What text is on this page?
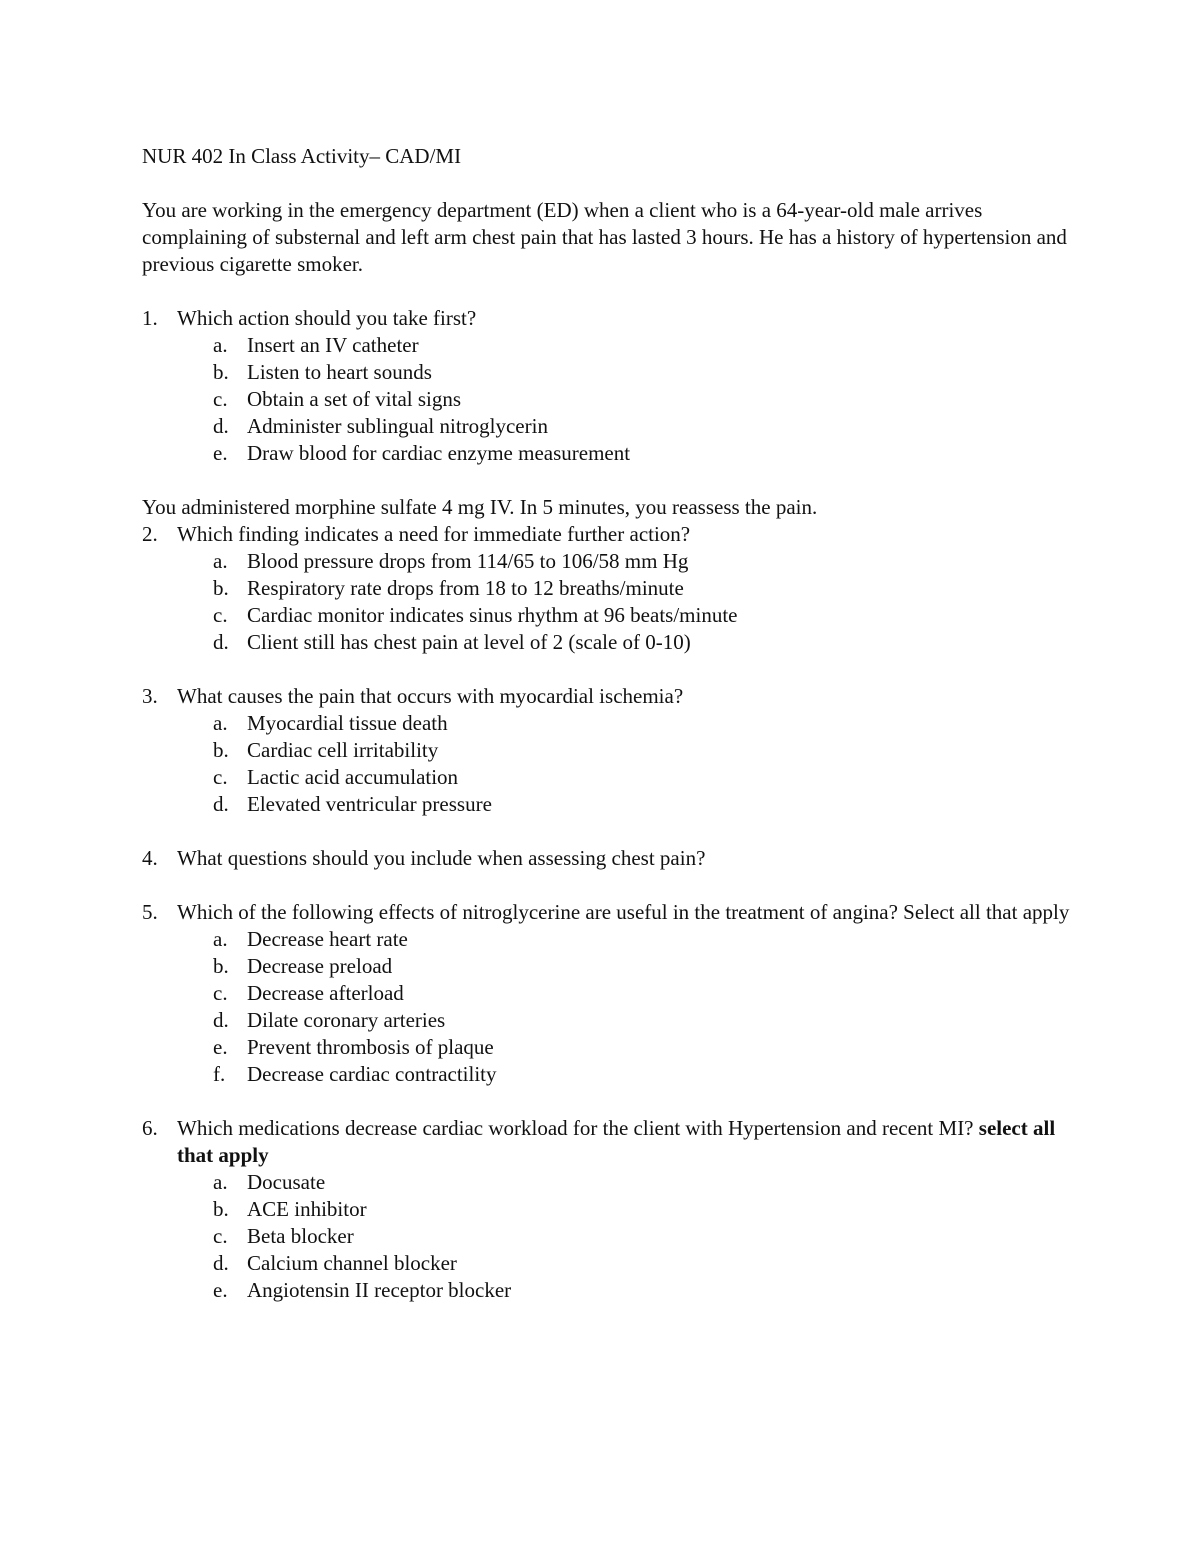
NUR 402 In Class Activity– CAD/MI

You are working in the emergency department (ED) when a client who is a 64-year-old male arrives complaining of substernal and left arm chest pain that has lasted 3 hours. He has a history of hypertension and previous cigarette smoker.

1. Which action should you take first?
a. Insert an IV catheter
b. Listen to heart sounds
c. Obtain a set of vital signs
d. Administer sublingual nitroglycerin
e. Draw blood for cardiac enzyme measurement

You administered morphine sulfate 4 mg IV. In 5 minutes, you reassess the pain.

2. Which finding indicates a need for immediate further action?
a. Blood pressure drops from 114/65 to 106/58 mm Hg
b. Respiratory rate drops from 18 to 12 breaths/minute
c. Cardiac monitor indicates sinus rhythm at 96 beats/minute
d. Client still has chest pain at level of 2 (scale of 0-10)
3. What causes the pain that occurs with myocardial ischemia?
a. Myocardial tissue death
b. Cardiac cell irritability
c. Lactic acid accumulation
d. Elevated ventricular pressure
4. What questions should you include when assessing chest pain?
5. Which of the following effects of nitroglycerine are useful in the treatment of angina? Select all that apply
a. Decrease heart rate
b. Decrease preload
c. Decrease afterload
d. Dilate coronary arteries
e. Prevent thrombosis of plaque
f. Decrease cardiac contractility
6. Which medications decrease cardiac workload for the client with Hypertension and recent MI? select all that apply
a. Docusate
b. ACE inhibitor
c. Beta blocker
d. Calcium channel blocker
e. Angiotensin II receptor blocker
